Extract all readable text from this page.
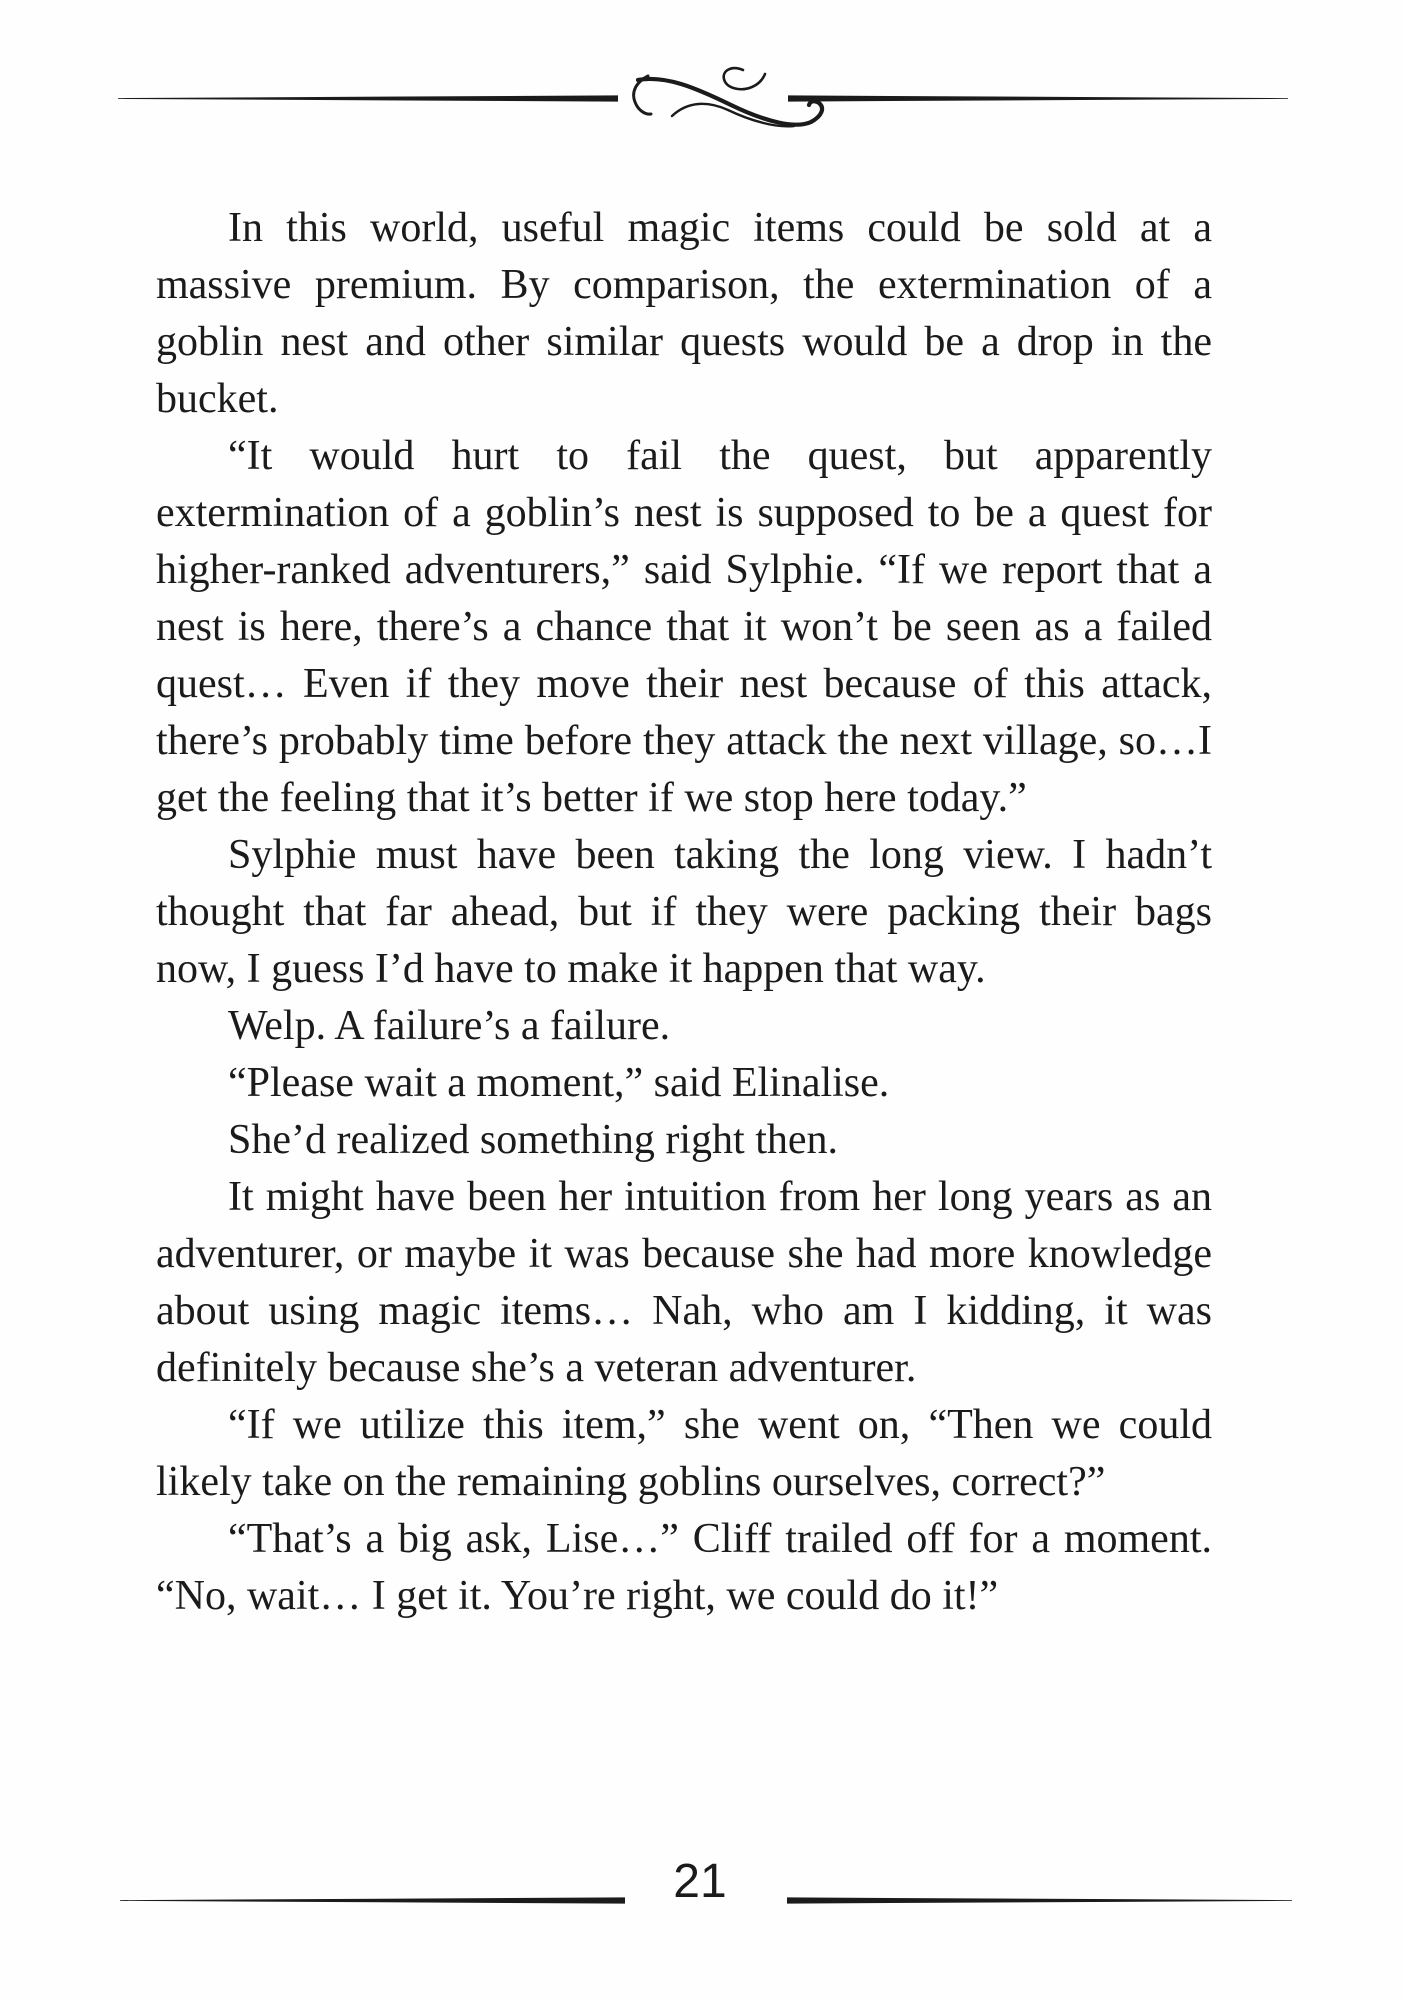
In this world, useful magic items could be sold at a massive premium. By comparison, the extermination of a goblin nest and other similar quests would be a drop in the bucket.

“It would hurt to fail the quest, but apparently extermination of a goblin’s nest is supposed to be a quest for higher-ranked adventurers,” said Sylphie. “If we report that a nest is here, there’s a chance that it won’t be seen as a failed quest… Even if they move their nest because of this attack, there’s probably time before they attack the next village, so…I get the feeling that it’s better if we stop here today.”

Sylphie must have been taking the long view. I hadn’t thought that far ahead, but if they were packing their bags now, I guess I’d have to make it happen that way.

Welp. A failure’s a failure.

“Please wait a moment,” said Elinalise.

She’d realized something right then.

It might have been her intuition from her long years as an adventurer, or maybe it was because she had more knowledge about using magic items… Nah, who am I kidding, it was definitely because she’s a veteran adventurer.

“If we utilize this item,” she went on, “Then we could likely take on the remaining goblins ourselves, correct?”

“That’s a big ask, Lise…” Cliff trailed off for a moment. “No, wait… I get it. You’re right, we could do it!”

21
